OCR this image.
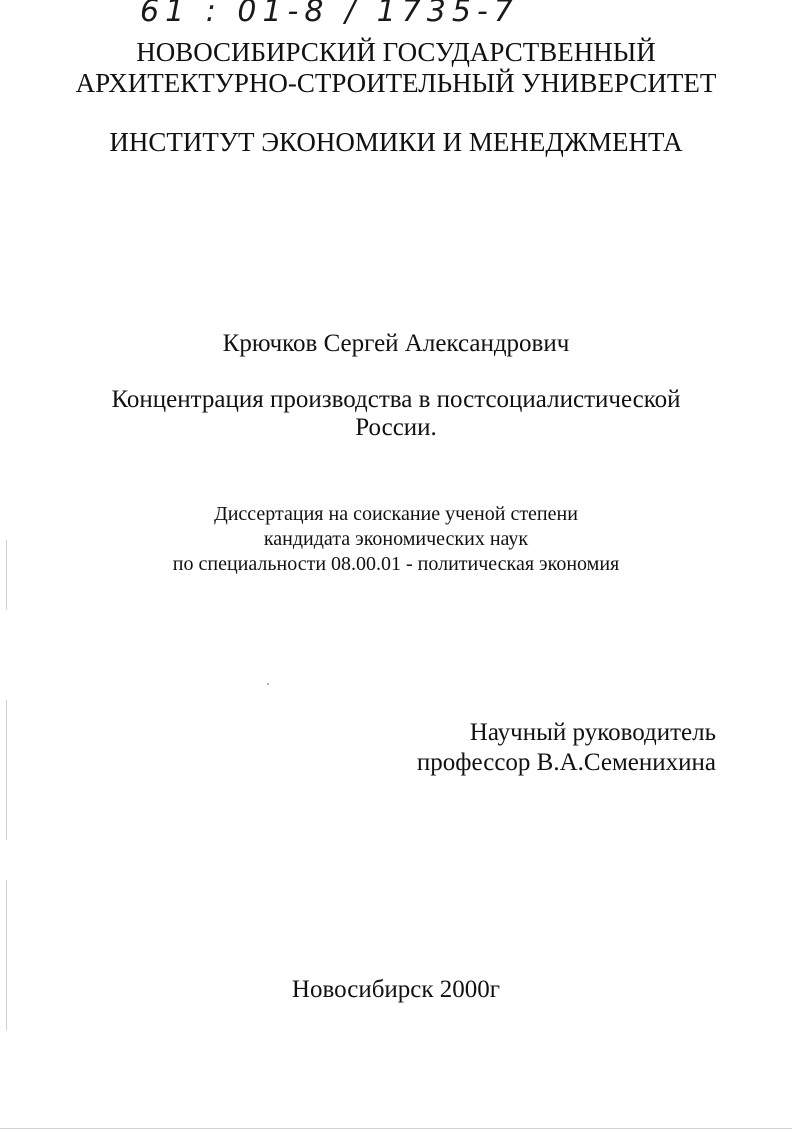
61 : 01-8 / 1735-7
НОВОСИБИРСКИЙ ГОСУДАРСТВЕННЫЙ
АРХИТЕКТУРНО-СТРОИТЕЛЬНЫЙ УНИВЕРСИТЕТ
ИНСТИТУТ ЭКОНОМИКИ И МЕНЕДЖМЕНТА
Крючков Сергей Александрович
Концентрация производства в постсоциалистической
России.
Диссертация на соискание ученой степени
кандидата экономических наук
по специальности 08.00.01 - политическая экономия
Научный руководитель
профессор В.А.Семенихина
Новосибирск 2000г
